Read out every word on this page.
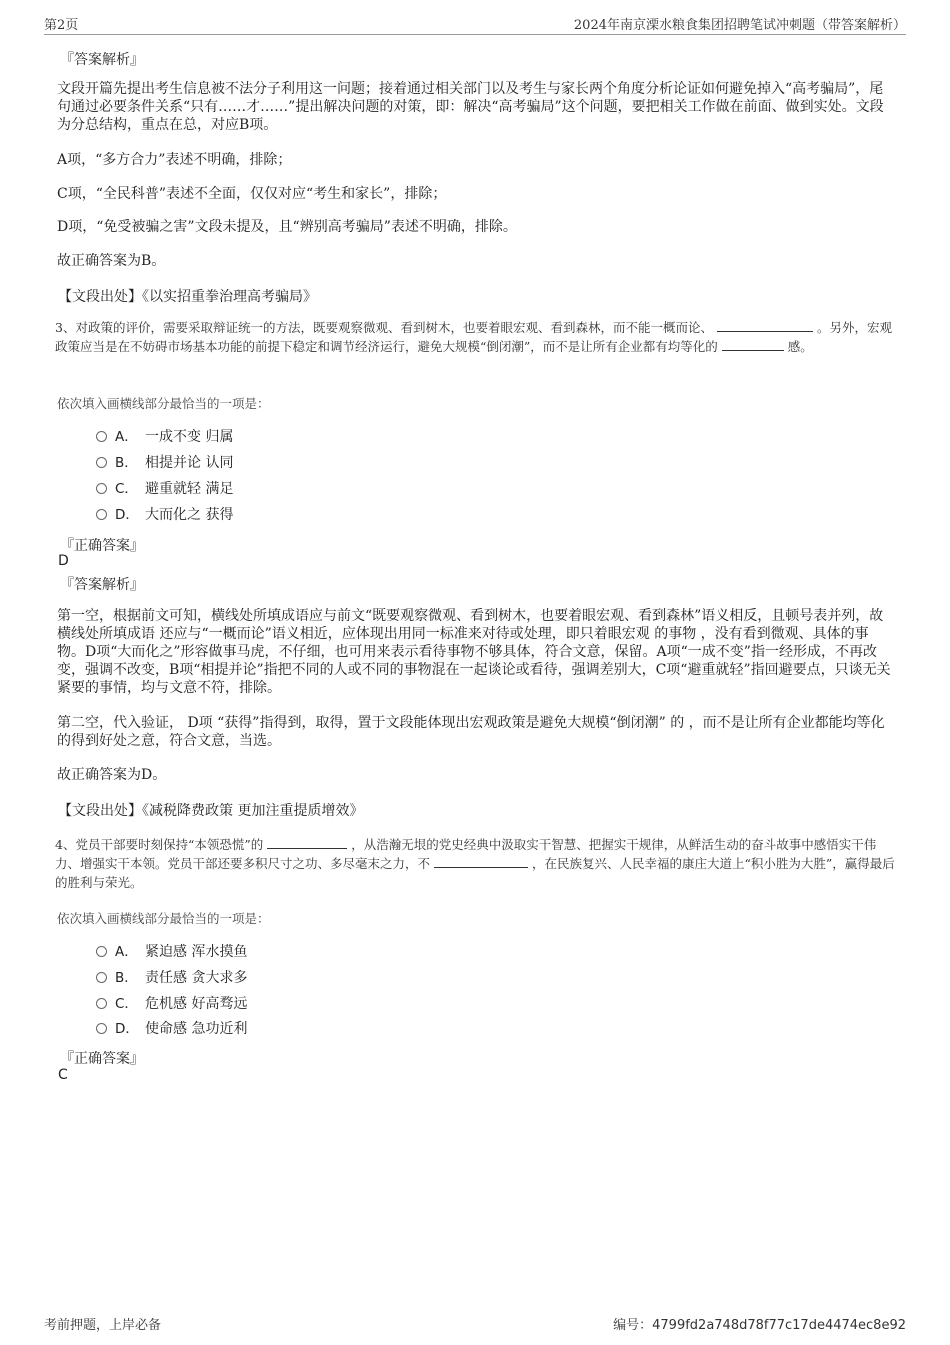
第2页	2024年南京溧水粮食集团招聘笔试冲刺题（带答案解析）
『答案解析』
文段开篇先提出考生信息被不法分子利用这一问题；接着通过相关部门以及考生与家长两个角度分析论证如何避免掉入“高考骗局”，尾句通过必要条件关系“只有……才……”提出解决问题的对策，即：解决“高考骗局”这个问题，要把相关工作做在前面、做到实处。文段为分总结构，重点在总，对应B项。
A项，“多方合力”表述不明确，排除；
C项，“全民科普”表述不全面，仅仅对应“考生和家长”，排除；
D项，“免受被骗之害”文段未提及，且“辨别高考骗局”表述不明确，排除。
故正确答案为B。
【文段出处】《以实招重拳治理高考骗局》
3、对政策的评价，需要采取辩证统一的方法，既要观察微观、看到树木，也要着眼宏观、看到森林，而不能一概而论、	。另外，宏观政策应当是在不妨碍市场基本功能的前提下稳定和调节经济运行，避免大规模“倒闭潮”，而不是让所有企业都有均等化的	感。
依次填入画横线部分最恰当的一项是：
A． 一成不变 归属
B． 相提并论 认同
C． 避重就轻 满足
D． 大而化之 获得
『正确答案』
D
『答案解析』
第一空，根据前文可知，横线处所填成语应与前文“既要观察微观、看到树木，也要着眼宏观、看到森林”语义相反，且顿号表并列，故 横线处所填成语 还应与“一概而论”语义相近，应体现出用同一标准来对待或处理，即只着眼宏观 的事物 ，没有看到微观、具体的事物。D项“大而化之”形容做事马虎，不仔细，也可用来表示看待事物不够具体，符合文意，保留。A项“一成不变”指一经形成，不再改变，强调不改变，B项“相提并论”指把不同的人或不同的事物混在一起谈论或看待，强调差别大，C项“避重就轻”指回避要点，只谈无关紧要的事情，均与文意不符，排除。
第二空，代入验证， D项 “获得”指得到，取得，置于文段能体现出宏观政策是避免大规模“倒闭潮” 的 ，而不是让所有企业都能均等化的得到好处之意，符合文意，当选。
故正确答案为D。
【文段出处】《减税降费政策 更加注重提质增效》
4、党员干部要时刻保持“本领恐慌”的	，从浩瀚无垠的党史经典中汲取实干智慧、把握实干规律，从鲜活生动的奋斗故事中感悟实干伟力、增强实干本领。党员干部还要多积尺寸之功、多尽毫末之力，不	，在民族复兴、人民幸福的康庄大道上“积小胜为大胜”，赢得最后的胜利与荣光。
依次填入画横线部分最恰当的一项是：
A． 紧迫感 浑水摸鱼
B． 责任感 贪大求多
C． 危机感 好高骛远
D． 使命感 急功近利
『正确答案』
C
考前押题，上岸必备	编号：4799fd2a748d78f77c17de4474ec8e92
